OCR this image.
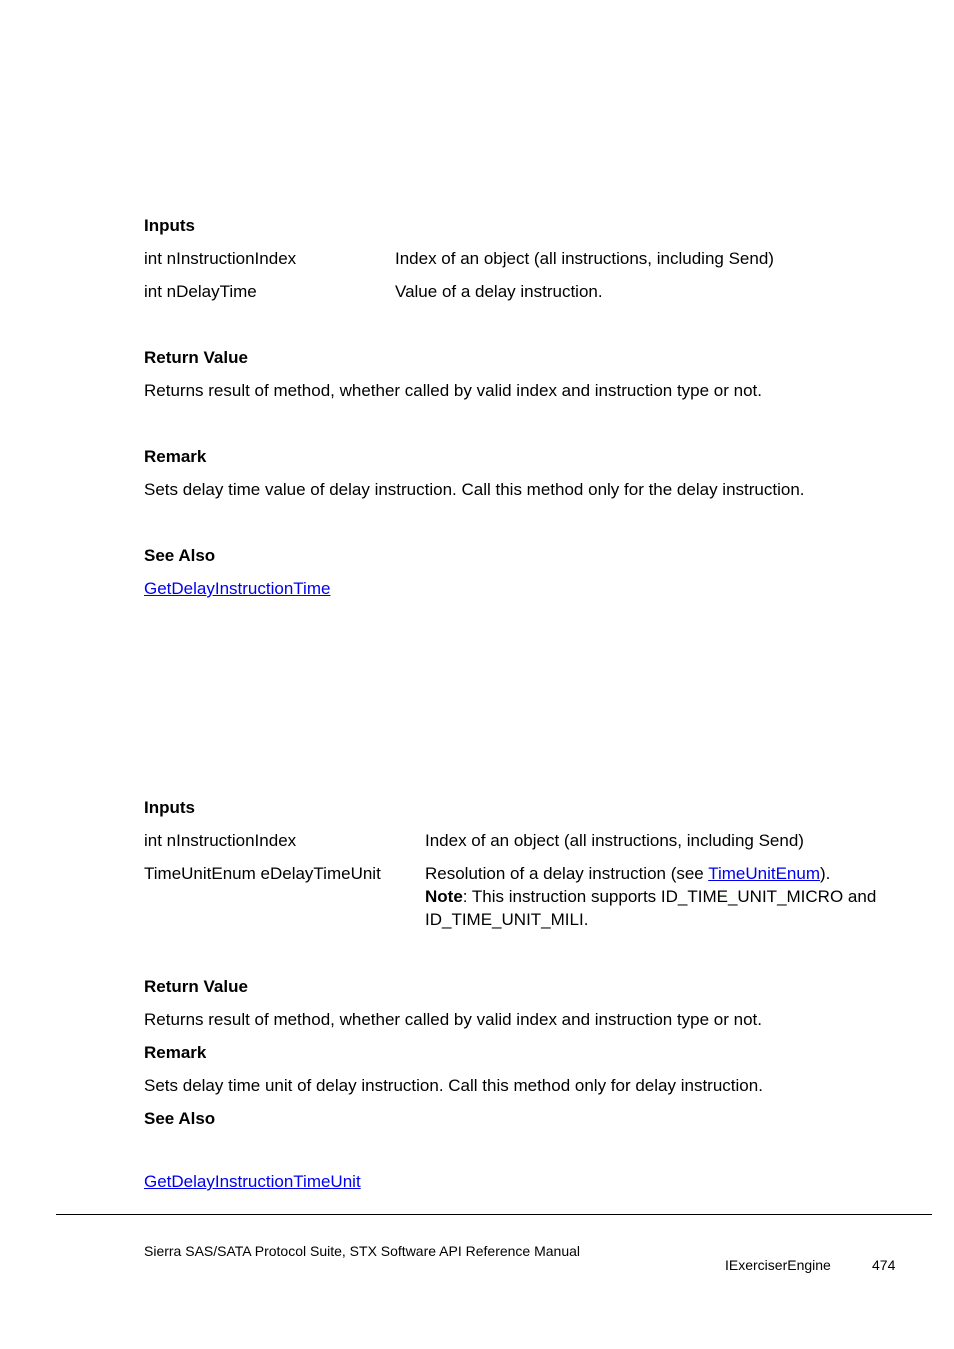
Inputs
int nInstructionIndex	Index of an object (all instructions, including Send)
int nDelayTime	Value of a delay instruction.
Return Value
Returns result of method, whether called by valid index and instruction type or not.
Remark
Sets delay time value of delay instruction. Call this method only for the delay instruction.
See Also
GetDelayInstructionTime
Inputs
int nInstructionIndex	Index of an object (all instructions, including Send)
TimeUnitEnum eDelayTimeUnit	Resolution of a delay instruction (see TimeUnitEnum).
Note: This instruction supports ID_TIME_UNIT_MICRO and
ID_TIME_UNIT_MILI.
Return Value
Returns result of method, whether called by valid index and instruction type or not.
Remark
Sets delay time unit of delay instruction. Call this method only for delay instruction.
See Also
GetDelayInstructionTimeUnit
Sierra SAS/SATA Protocol Suite, STX Software API Reference Manual
IExerciserEngine	474
